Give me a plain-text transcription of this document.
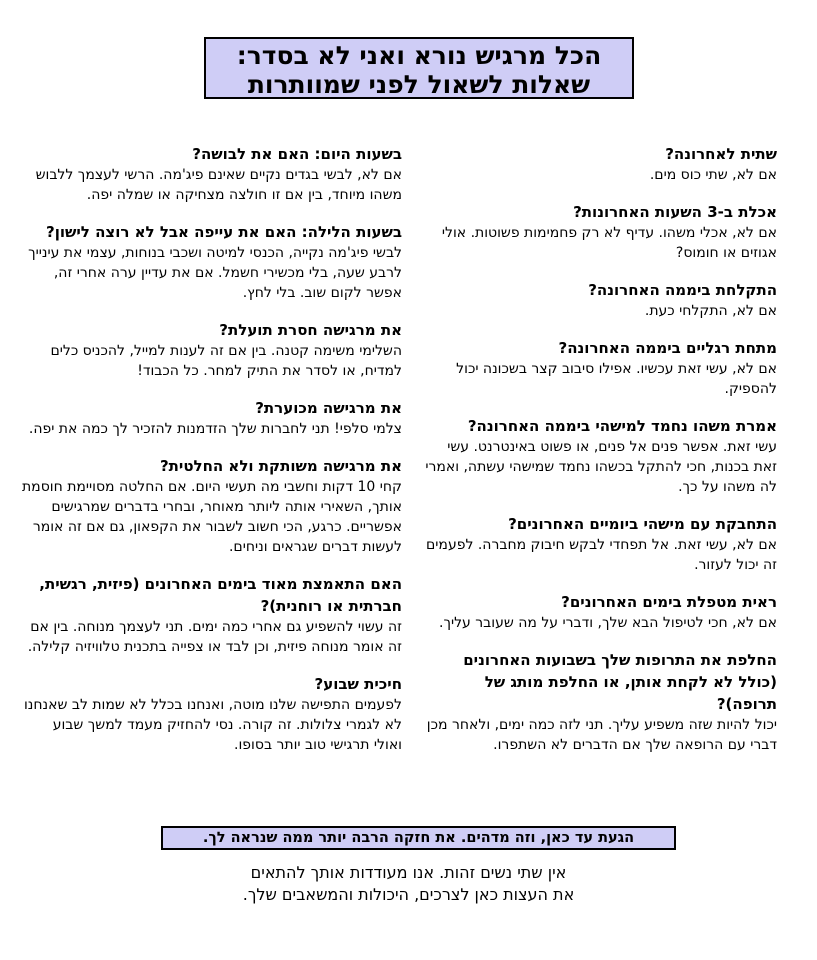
הכל מרגיש נורא ואני לא בסדר:
שאלות לשאול לפני שמוותרות
שתית לאחרונה?
אם לא, שתי כוס מים.
אכלת ב-3 השעות האחרונות?
אם לא, אכלי משהו. עדיף לא רק פחמימות פשוטות. אולי אגוזים או חומוס?
התקלחת ביממה האחרונה?
אם לא, התקלחי כעת.
מתחת רגליים ביממה האחרונה?
אם לא, עשי זאת עכשיו. אפילו סיבוב קצר בשכונה יכול להספיק.
אמרת משהו נחמד למישהי ביממה האחרונה?
עשי זאת. אפשר פנים אל פנים, או פשוט באינטרנט. עשי זאת בכנות, חכי להתקל בכשהו נחמד שמישהי עשתה, ואמרי לה משהו על כך.
התחבקת עם מישהי ביומיים האחרונים?
אם לא, עשי זאת. אל תפחדי לבקש חיבוק מחברה. לפעמים זה יכול לעזור.
ראית מטפלת בימים האחרונים?
אם לא, חכי לטיפול הבא שלך, ודברי על מה שעובר עליך.
החלפת את התרופות שלך בשבועות האחרונים (כולל לא לקחת אותן, או החלפת מותג של תרופה)?
יכול להיות שזה משפיע עליך. תני לזה כמה ימים, ולאחר מכן דברי עם הרופאה שלך אם הדברים לא השתפרו.
בשעות היום: האם את לבושה?
אם לא, לבשי בגדים נקיים שאינם פיג'מה. הרשי לעצמך ללבוש משהו מיוחד, בין אם זו חולצה מצחיקה או שמלה יפה.
בשעות הלילה: האם את עייפה אבל לא רוצה לישון?
לבשי פיג'מה נקייה, הכנסי למיטה ושכבי בנוחות, עצמי את עינייך לרבע שעה, בלי מכשירי חשמל. אם את עדיין ערה אחרי זה, אפשר לקום שוב. בלי לחץ.
את מרגישה חסרת תועלת?
השלימי משימה קטנה. בין אם זה לענות למייל, להכניס כלים למדיח, או לסדר את התיק למחר. כל הכבוד!
את מרגישה מכוערת?
צלמי סלפי! תני לחברות שלך הזדמנות להזכיר לך כמה את יפה.
את מרגישה משותקת ולא החלטית?
קחי 10 דקות וחשבי מה תעשי היום. אם החלטה מסויימת חוסמת אותך, השאירי אותה ליותר מאוחר, ובחרי בדברים שמרגישים אפשריים. כרגע, הכי חשוב לשבור את הקפאון, גם אם זה אומר לעשות דברים שגראים וניחים.
האם התאמצת מאוד בימים האחרונים (פיזית, רגשית, חברתית או רוחנית)?
זה עשוי להשפיע גם אחרי כמה ימים. תני לעצמך מנוחה. בין אם זה אומר מנוחה פיזית, וכן לבד או צפייה בתכנית טלוויזיה קלילה.
חיכית שבוע?
לפעמים התפישה שלנו מוטה, ואנחנו בכלל לא שמות לב שאנחנו לא לגמרי צלולות. זה קורה. נסי להחזיק מעמד למשך שבוע ואולי תרגישי טוב יותר בסופו.
הגעת עד כאן, וזה מדהים. את חזקה הרבה יותר ממה שנראה לך.
אין שתי נשים זהות. אנו מעודדות אותך להתאים
את העצות כאן לצרכים, היכולות והמשאבים שלך.
